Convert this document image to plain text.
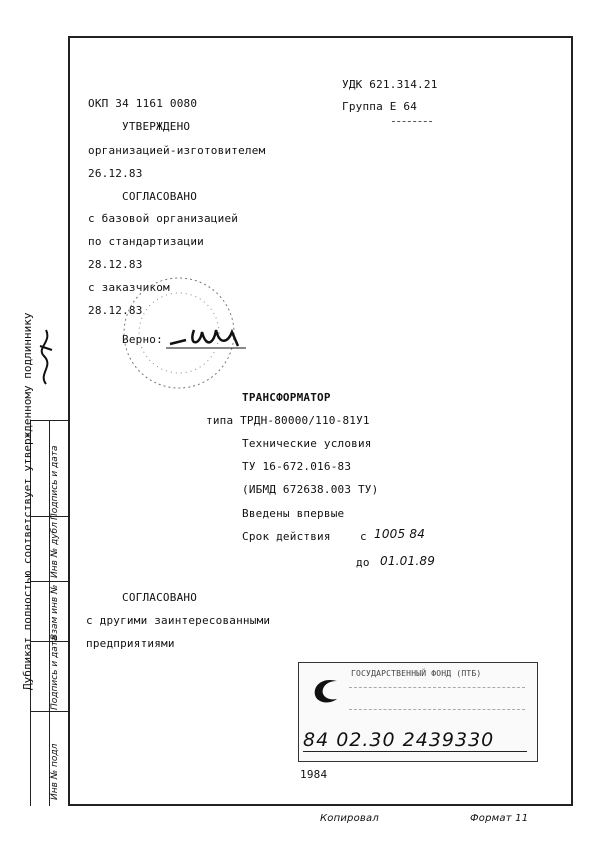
Подпись и дата
Инв № дубл
Взам инв №
Подпись и дата
Инв № подл
Дубликат полностью соответствует утвержденному подлиннику
УДК 621.314.21
Группа Е 64
ОКП 34 1161 0080
УТВЕРЖДЕНО
организацией-изготовителем
26.12.83
СОГЛАСОВАНО
с базовой организацией
по стандартизации
28.12.83
с заказчиком
28.12.83
Верно:
ТРАНСФОРМАТОР
типа ТРДН-80000/110-81У1
Технические условия
ТУ 16-672.016-83
(ИБМД 672638.003 ТУ)
Введены впервые
Срок действия	с 1005 84
до 01.01.89
СОГЛАСОВАНО
с другими заинтересованными
предприятиями
ГОСУДАРСТВЕННЫЙ ФОНД (ПТБ)
84 02.30 2439330
1984
Копировал	Формат 11
